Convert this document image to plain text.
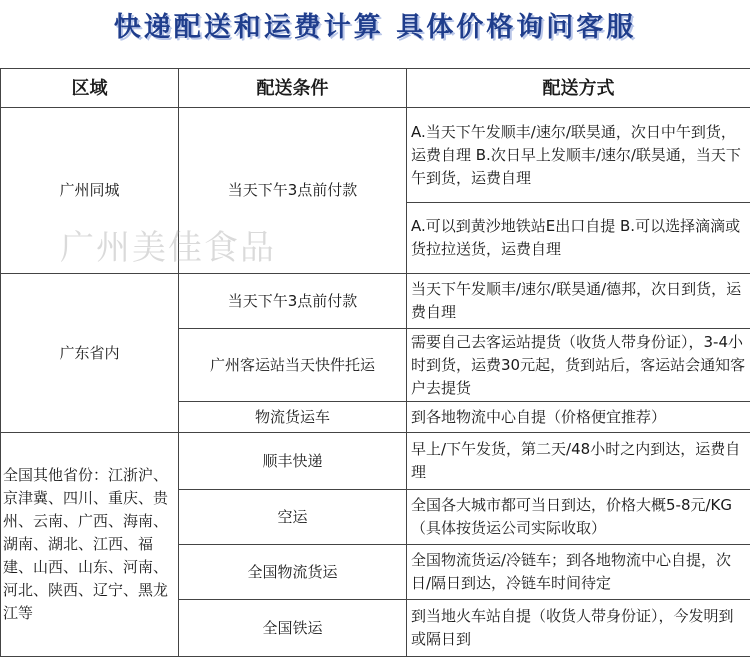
快递配送和运费计算 具体价格询问客服
区域	配送条件	配送方式
广州同城	当天下午3点前付款	A.当天下午发顺丰/速尔/联昊通，次日中午到货，运费自理 B.次日早上发顺丰/速尔/联昊通，当天下午到货，运费自理
		A.可以到黄沙地铁站E出口自提 B.可以选择滴滴或货拉拉送货，运费自理
广东省内	当天下午3点前付款	当天下午发顺丰/速尔/联昊通/德邦，次日到货，运费自理
	广州客运站当天快件托运	需要自己去客运站提货（收货人带身份证），3-4小时到货，运费30元起，货到站后，客运站会通知客户去提货
	物流货运车	到各地物流中心自提（价格便宜推荐）
全国其他省份：江浙沪、京津冀、四川、重庆、贵州、云南、广西、海南、湖南、湖北、江西、福建、山西、山东、河南、河北、陕西、辽宁、黑龙江等	顺丰快递	早上/下午发货，第二天/48小时之内到达，运费自理
	空运	全国各大城市都可当日到达，价格大概5-8元/KG（具体按货运公司实际收取）
	全国物流货运	全国物流货运/冷链车；到各地物流中心自提，次日/隔日到达，冷链车时间待定
	全国铁运	到当地火车站自提（收货人带身份证），今发明到或隔日到
广州美佳食品
